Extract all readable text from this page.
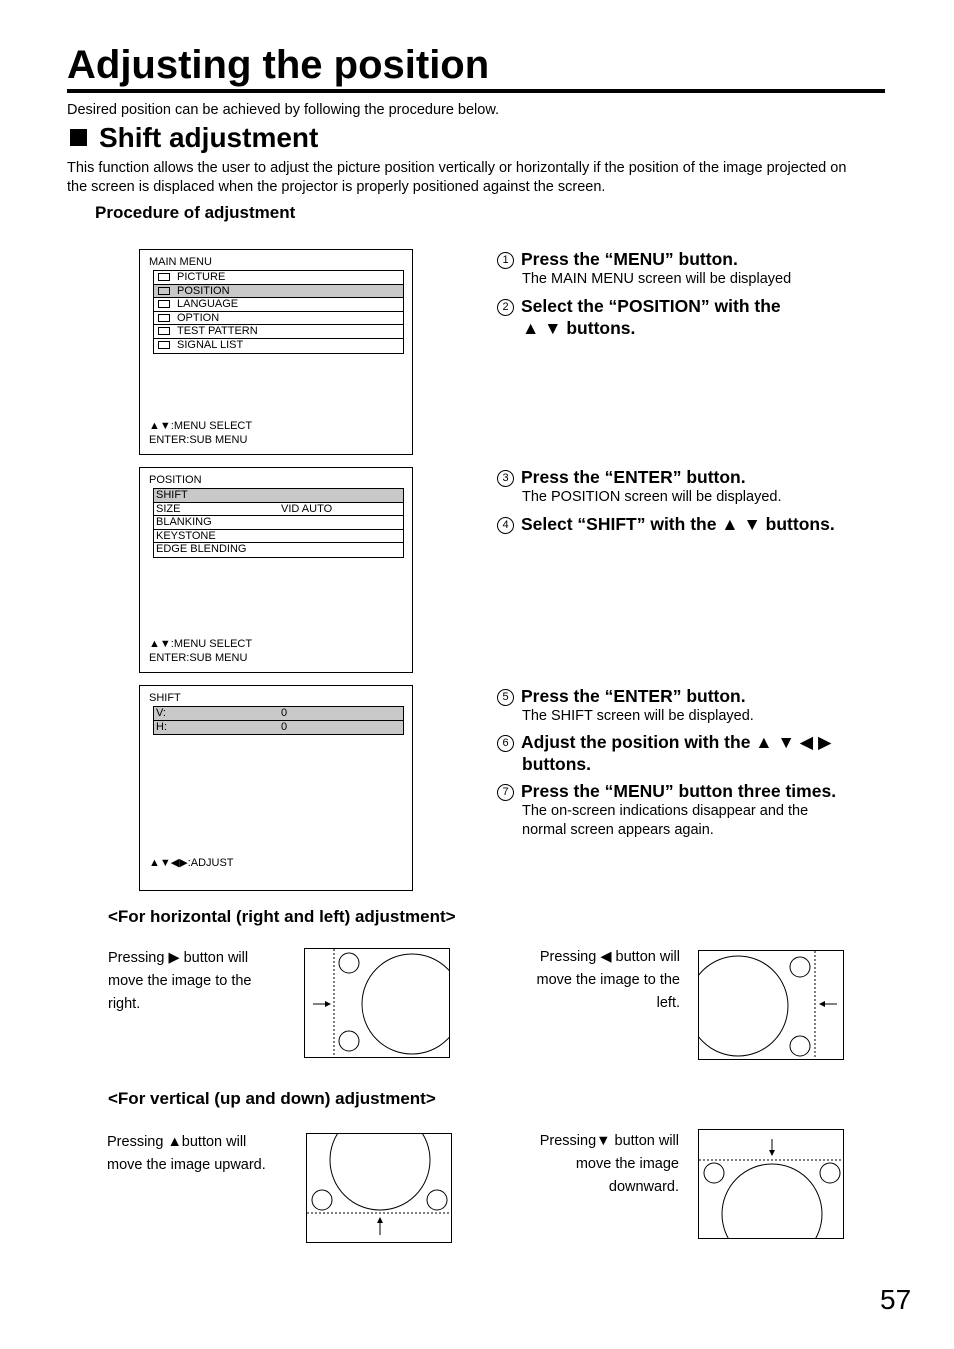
Adjusting the position
Desired position can be achieved by following the procedure below.
Shift adjustment
This function allows the user to adjust the picture position vertically or horizontally if the position of the image projected on the screen is displaced when the projector is properly positioned against the screen.
Procedure of adjustment
MAIN MENU
PICTURE
POSITION
LANGUAGE
OPTION
TEST PATTERN
SIGNAL LIST
▲▼:MENU SELECT
ENTER:SUB MENU
POSITION
SHIFT
SIZE	VID AUTO
BLANKING
KEYSTONE
EDGE BLENDING
▲▼:MENU SELECT
ENTER:SUB MENU
SHIFT
V:	0
H:	0
▲▼◀▶:ADJUST
1 Press the “MENU” button.
The MAIN MENU screen will be displayed
2 Select the “POSITION” with the
▲ ▼ buttons.
3 Press the “ENTER” button.
The POSITION screen will be displayed.
4 Select “SHIFT” with the ▲ ▼ buttons.
5 Press the “ENTER” button.
The SHIFT screen will be displayed.
6 Adjust the position with the ▲ ▼ ◀ ▶
buttons.
7 Press the “MENU” button three times.
The on-screen indications disappear and the
normal screen appears again.
<For horizontal (right and left) adjustment>
Pressing ▶ button will
move the image to the
right.
Pressing ◀ button will
move the image to the
left.
<For vertical (up and down) adjustment>
Pressing ▲button will
move the image upward.
Pressing▼ button will
move the image
downward.
57
